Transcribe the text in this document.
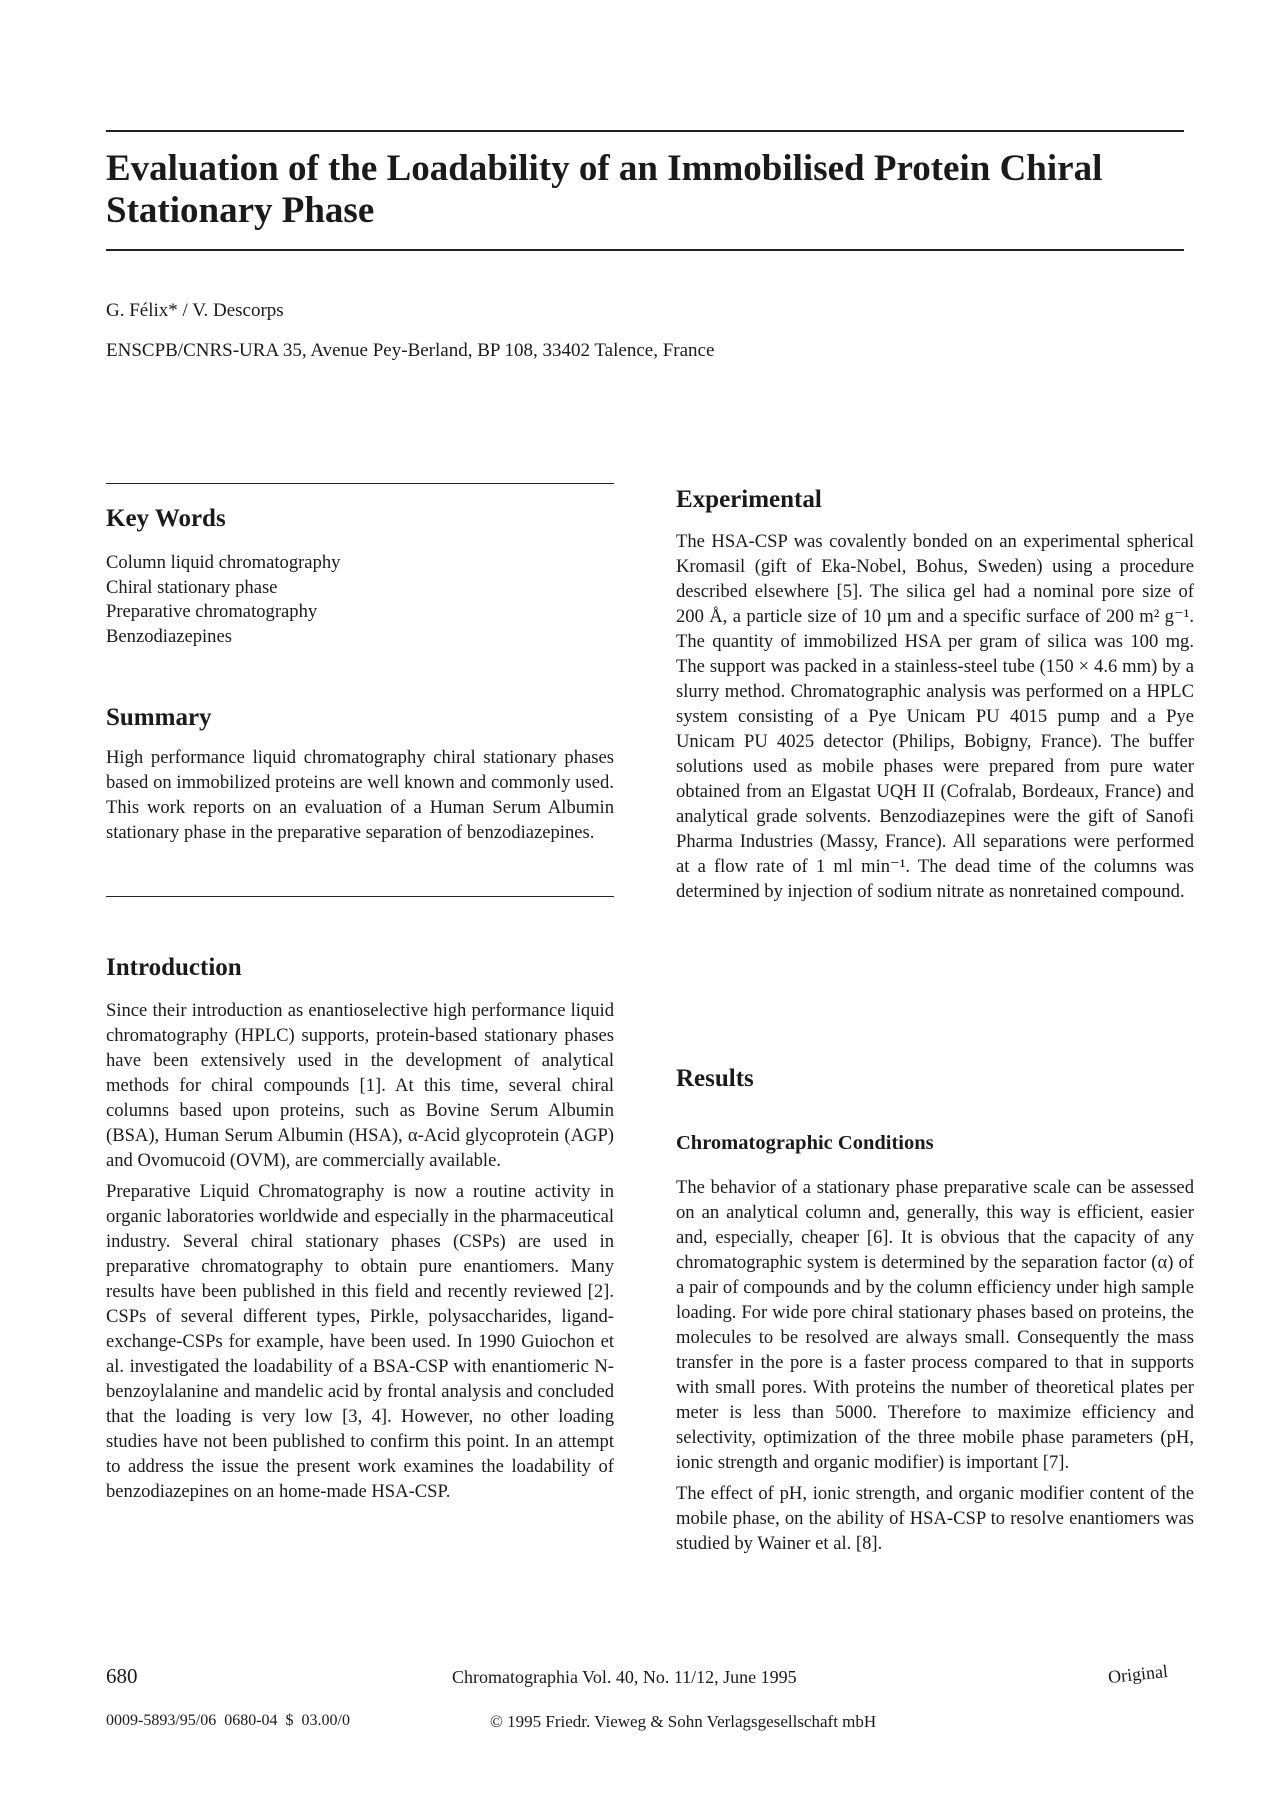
Evaluation of the Loadability of an Immobilised Protein Chiral Stationary Phase
G. Félix* / V. Descorps
ENSCPB/CNRS-URA 35, Avenue Pey-Berland, BP 108, 33402 Talence, France
Key Words
Column liquid chromatography
Chiral stationary phase
Preparative chromatography
Benzodiazepines
Summary
High performance liquid chromatography chiral stationary phases based on immobilized proteins are well known and commonly used. This work reports on an evaluation of a Human Serum Albumin stationary phase in the preparative separation of benzodiazepines.
Introduction

Since their introduction as enantioselective high performance liquid chromatography (HPLC) supports, protein-based stationary phases have been extensively used in the development of analytical methods for chiral compounds [1]. At this time, several chiral columns based upon proteins, such as Bovine Serum Albumin (BSA), Human Serum Albumin (HSA), α-Acid glycoprotein (AGP) and Ovomucoid (OVM), are commercially available.

Preparative Liquid Chromatography is now a routine activity in organic laboratories worldwide and especially in the pharmaceutical industry. Several chiral stationary phases (CSPs) are used in preparative chromatography to obtain pure enantiomers. Many results have been published in this field and recently reviewed [2]. CSPs of several different types, Pirkle, polysaccharides, ligand-exchange-CSPs for example, have been used. In 1990 Guiochon et al. investigated the loadability of a BSA-CSP with enantiomeric N-benzoylalanine and mandelic acid by frontal analysis and concluded that the loading is very low [3, 4]. However, no other loading studies have not been published to confirm this point. In an attempt to address the issue the present work examines the loadability of benzodiazepines on an home-made HSA-CSP.

Experimental
The HSA-CSP was covalently bonded on an experimental spherical Kromasil (gift of Eka-Nobel, Bohus, Sweden) using a procedure described elsewhere [5]. The silica gel had a nominal pore size of 200 Å, a particle size of 10 µm and a specific surface of 200 m² g⁻¹. The quantity of immobilized HSA per gram of silica was 100 mg. The support was packed in a stainless-steel tube (150 × 4.6 mm) by a slurry method. Chromatographic analysis was performed on a HPLC system consisting of a Pye Unicam PU 4015 pump and a Pye Unicam PU 4025 detector (Philips, Bobigny, France). The buffer solutions used as mobile phases were prepared from pure water obtained from an Elgastat UQH II (Cofralab, Bordeaux, France) and analytical grade solvents. Benzodiazepines were the gift of Sanofi Pharma Industries (Massy, France). All separations were performed at a flow rate of 1 ml min⁻¹. The dead time of the columns was determined by injection of sodium nitrate as nonretained compound.
Results
Chromatographic Conditions

The behavior of a stationary phase preparative scale can be assessed on an analytical column and, generally, this way is efficient, easier and, especially, cheaper [6]. It is obvious that the capacity of any chromatographic system is determined by the separation factor (α) of a pair of compounds and by the column efficiency under high sample loading. For wide pore chiral stationary phases based on proteins, the molecules to be resolved are always small. Consequently the mass transfer in the pore is a faster process compared to that in supports with small pores. With proteins the number of theoretical plates per meter is less than 5000. Therefore to maximize efficiency and selectivity, optimization of the three mobile phase parameters (pH, ionic strength and organic modifier) is important [7].

The effect of pH, ionic strength, and organic modifier content of the mobile phase, on the ability of HSA-CSP to resolve enantiomers was studied by Wainer et al. [8].

680	Chromatographia Vol. 40, No. 11/12, June 1995	Original
0009-5893/95/06 0680-04 $ 03.00/0	© 1995 Friedr. Vieweg & Sohn Verlagsgesellschaft mbH
